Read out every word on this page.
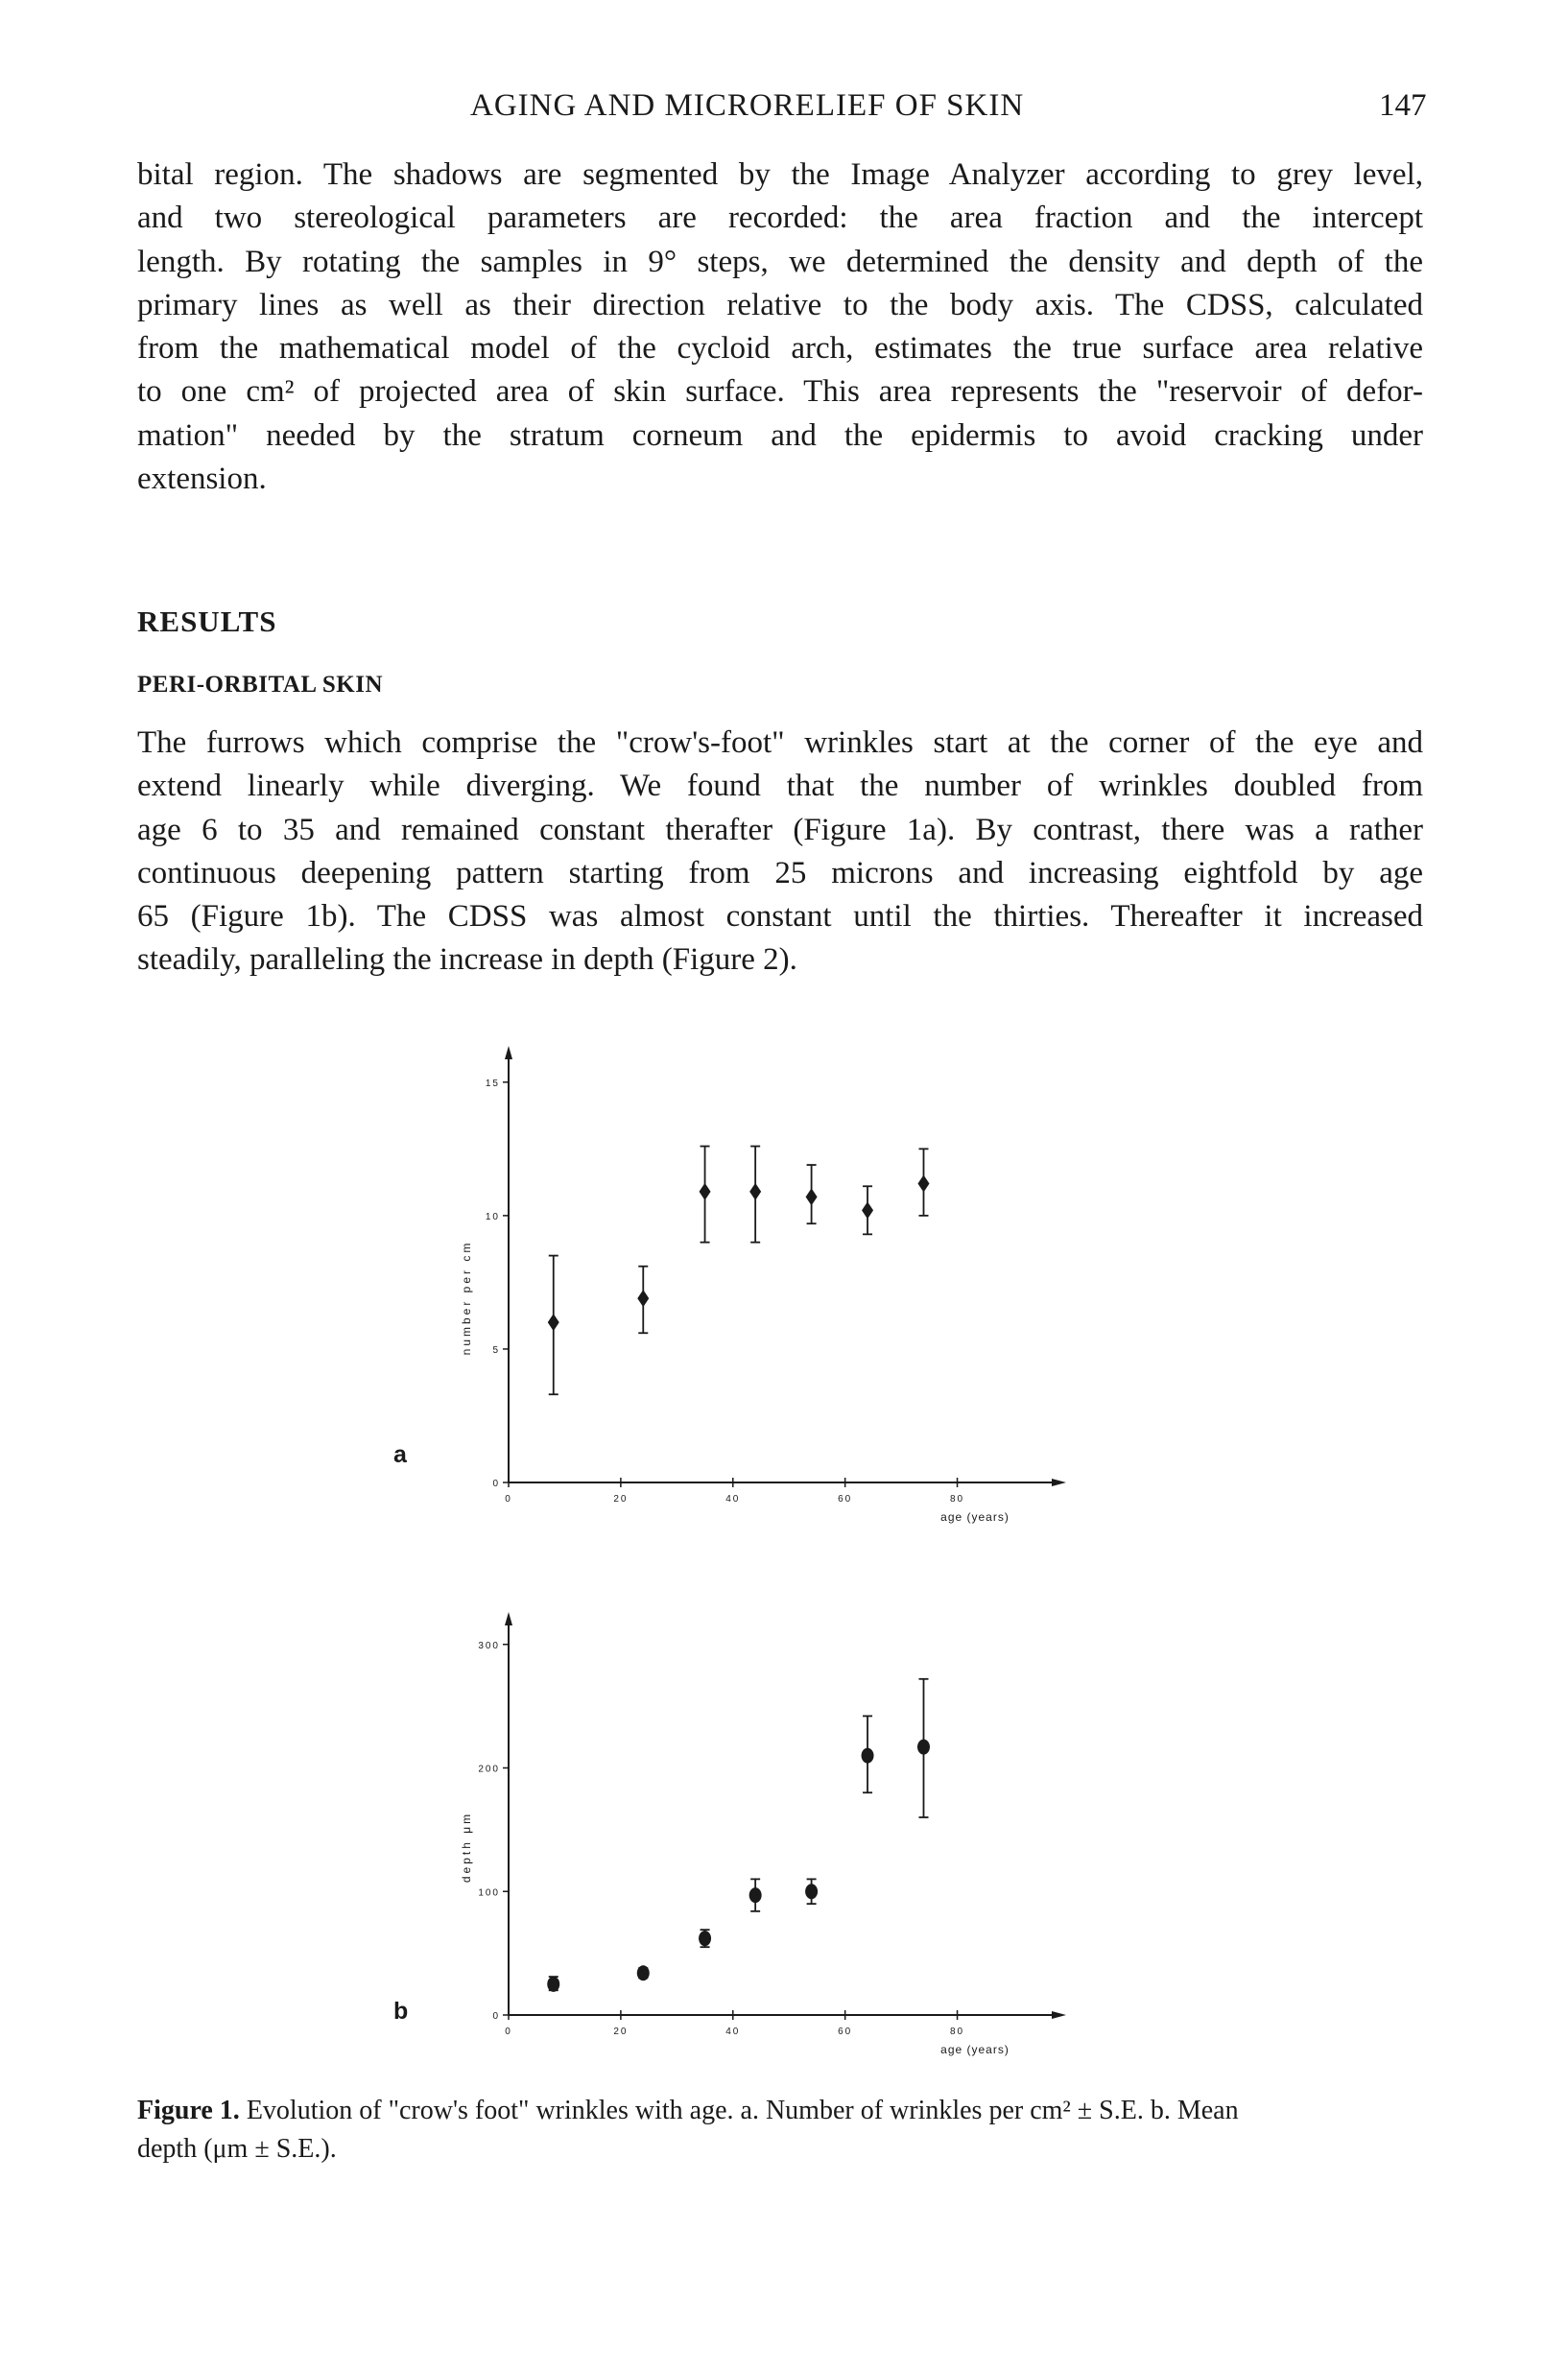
AGING AND MICRORELIEF OF SKIN	147

bital region. The shadows are segmented by the Image Analyzer according to grey level,
and two stereological parameters are recorded: the area fraction and the intercept
length. By rotating the samples in 9° steps, we determined the density and depth of the
primary lines as well as their direction relative to the body axis. The CDSS, calculated
from the mathematical model of the cycloid arch, estimates the true surface area relative
to one cm² of projected area of skin surface. This area represents the "reservoir of defor-
mation" needed by the stratum corneum and the epidermis to avoid cracking under
extension.

RESULTS
PERI-ORBITAL SKIN

The furrows which comprise the "crow's-foot" wrinkles start at the corner of the eye and
extend linearly while diverging. We found that the number of wrinkles doubled from
age 6 to 35 and remained constant therafter (Figure 1a). By contrast, there was a rather
continuous deepening pattern starting from 25 microns and increasing eightfold by age
65 (Figure 1b). The CDSS was almost constant until the thirties. Thereafter it increased
steadily, paralleling the increase in depth (Figure 2).

a
0	20	40	60	80
0
5
10
15
age (years)
number per cm
b
0	20	40	60	80
0
100
200
300
age (years)
depth μm

Figure 1. Evolution of "crow's foot" wrinkles with age. a. Number of wrinkles per cm² ± S.E. b. Mean
depth (μm ± S.E.).
